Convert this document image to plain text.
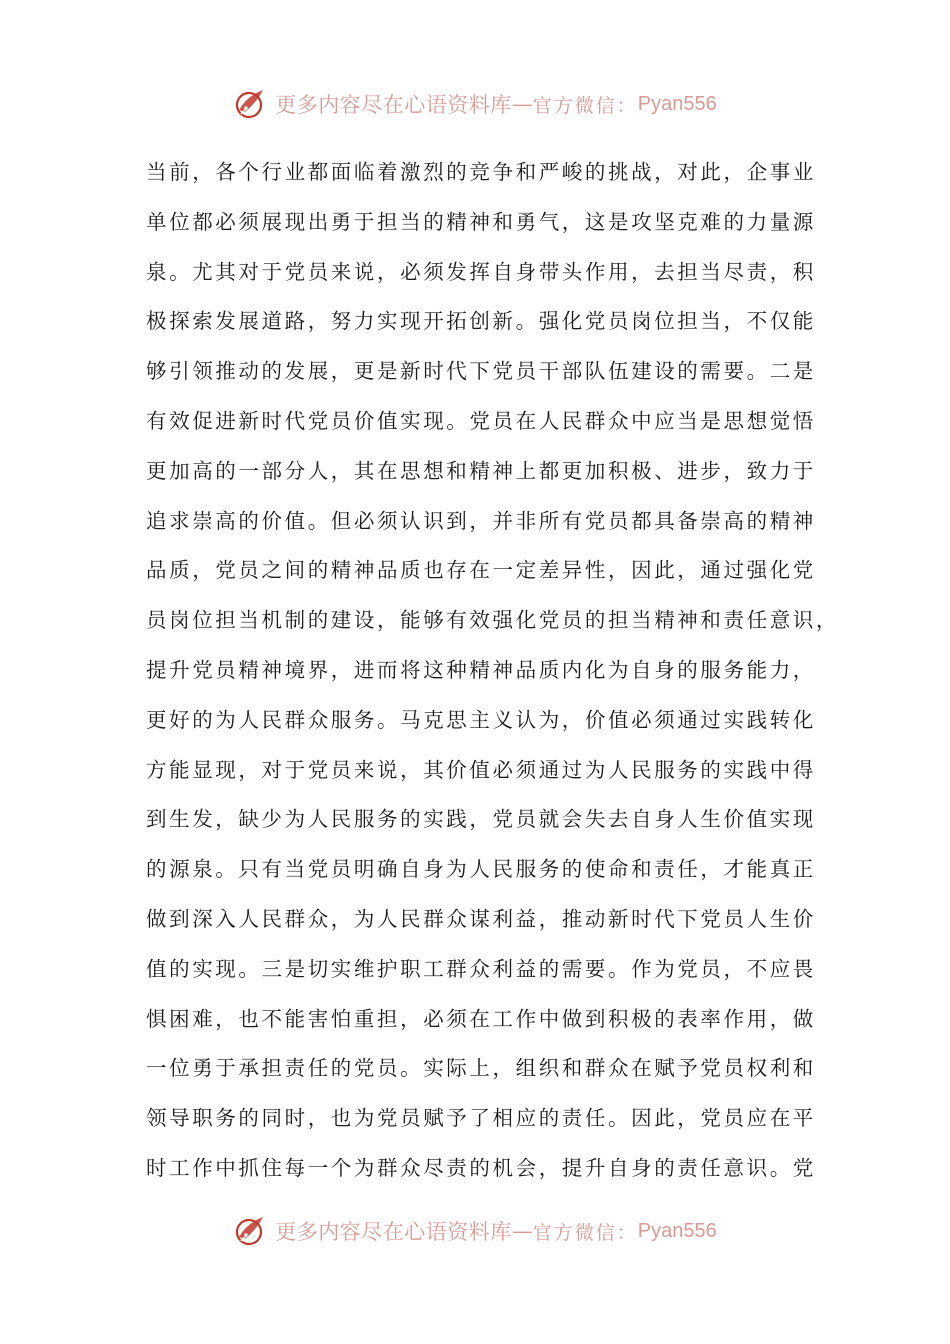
更多内容尽在心语资料库 — 官方微信： Pyan556
当前，各个行业都面临着激烈的竞争和严峻的挑战，对此，企事业
单位都必须展现出勇于担当的精神和勇气，这是攻坚克难的力量源
泉。尤其对于党员来说，必须发挥自身带头作用，去担当尽责，积
极探索发展道路，努力实现开拓创新。强化党员岗位担当，不仅能
够引领推动的发展，更是新时代下党员干部队伍建设的需要。二是
有效促进新时代党员价值实现。党员在人民群众中应当是思想觉悟
更加高的一部分人，其在思想和精神上都更加积极、进步，致力于
追求崇高的价值。但必须认识到，并非所有党员都具备崇高的精神
品质，党员之间的精神品质也存在一定差异性，因此，通过强化党
员岗位担当机制的建设，能够有效强化党员的担当精神和责任意识，
提升党员精神境界，进而将这种精神品质内化为自身的服务能力，
更好的为人民群众服务。马克思主义认为，价值必须通过实践转化
方能显现，对于党员来说，其价值必须通过为人民服务的实践中得
到生发，缺少为人民服务的实践，党员就会失去自身人生价值实现
的源泉。只有当党员明确自身为人民服务的使命和责任，才能真正
做到深入人民群众，为人民群众谋利益，推动新时代下党员人生价
值的实现。三是切实维护职工群众利益的需要。作为党员，不应畏
惧困难，也不能害怕重担，必须在工作中做到积极的表率作用，做
一位勇于承担责任的党员。实际上，组织和群众在赋予党员权利和
领导职务的同时，也为党员赋予了相应的责任。因此，党员应在平
时工作中抓住每一个为群众尽责的机会，提升自身的责任意识。党
更多内容尽在心语资料库 — 官方微信： Pyan556
